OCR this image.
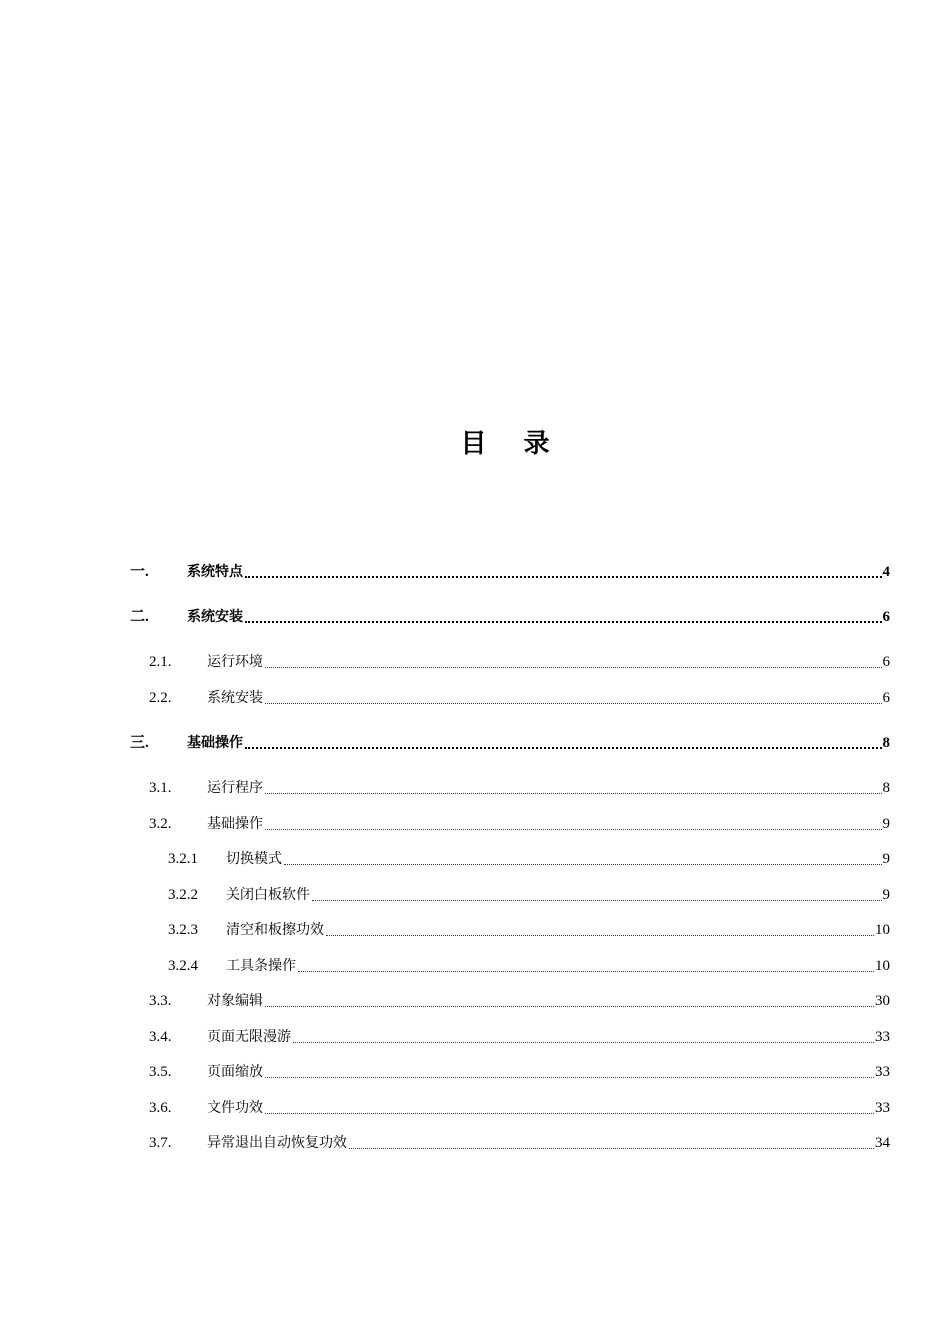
目 录
一.	系统特点	4
二.	系统安装	6
2.1.	运行环境	6
2.2.	系统安装	6
三.	基础操作	8
3.1.	运行程序	8
3.2.	基础操作	9
3.2.1 切换模式	9
3.2.2 关闭白板软件	9
3.2.3 清空和板擦功效	10
3.2.4 工具条操作	10
3.3.	对象编辑	30
3.4.	页面无限漫游	33
3.5.	页面缩放	33
3.6.	文件功效	33
3.7.	异常退出自动恢复功效	34
